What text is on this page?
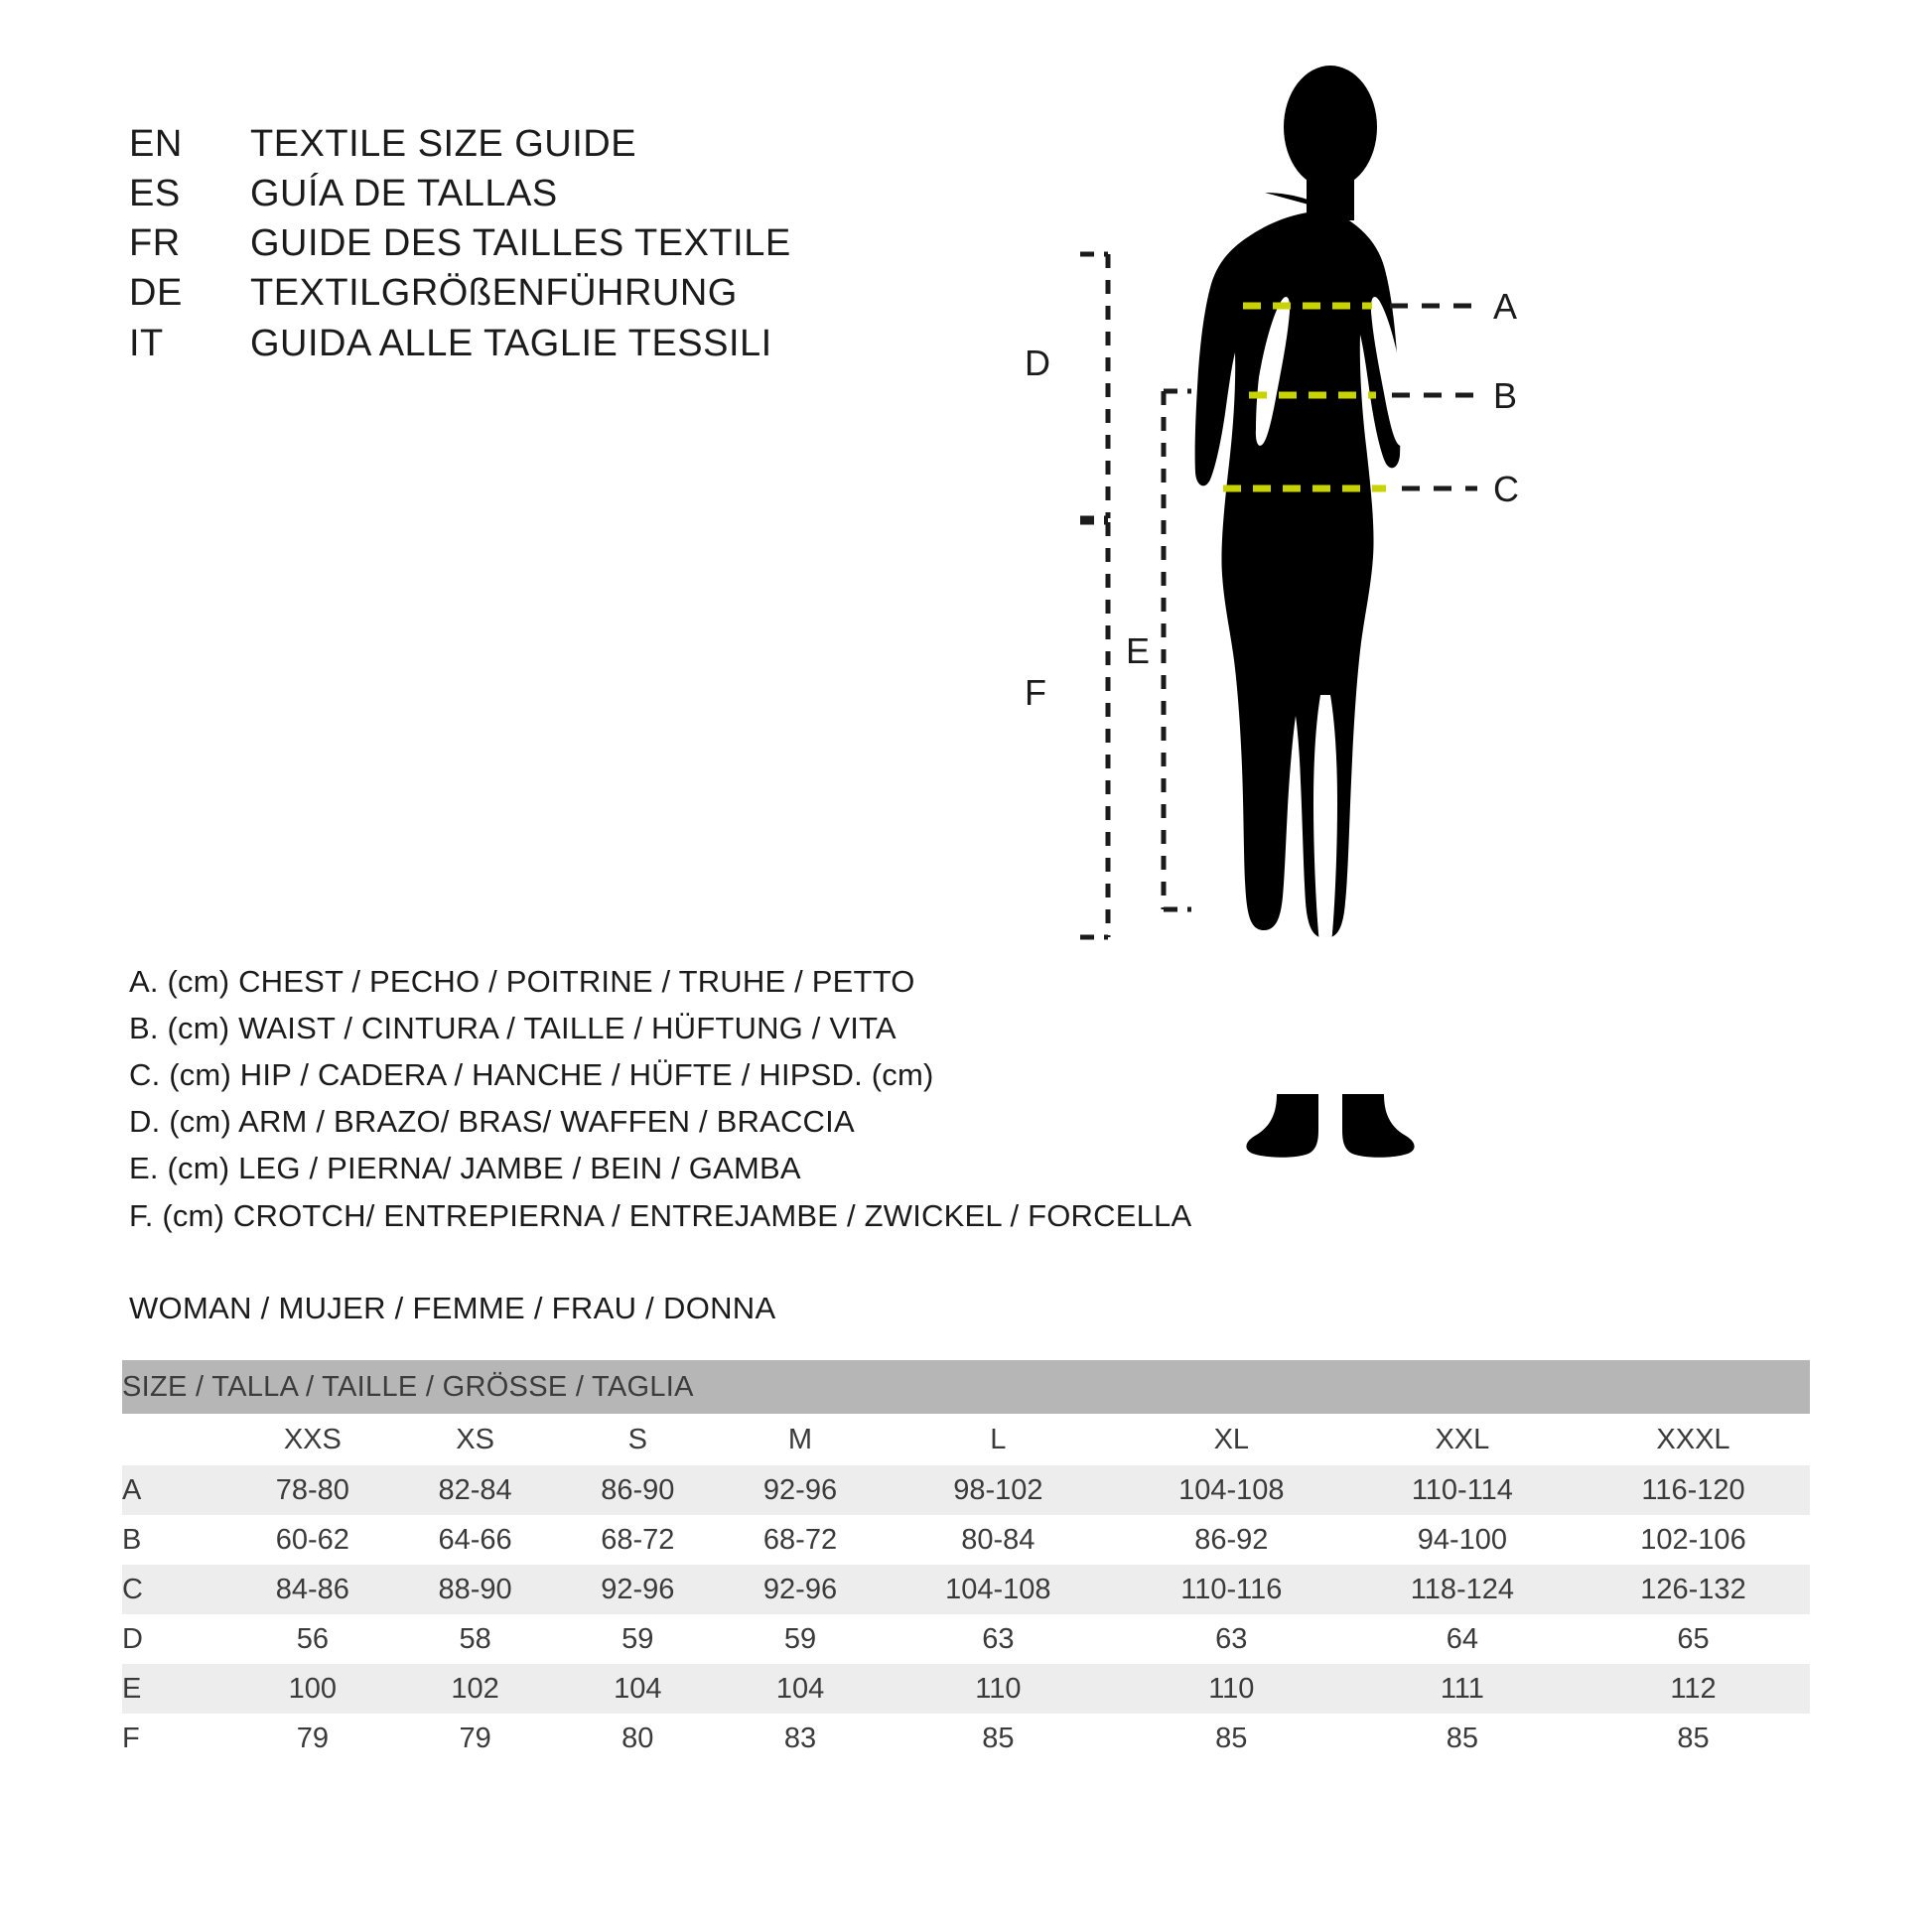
EN	TEXTILE SIZE GUIDE
ES	GUÍA DE TALLAS
FR	GUIDE DES TAILLES TEXTILE
DE	TEXTILGRÖßENFÜHRUNG
IT	GUIDA ALLE TAGLIE TESSILI
A. (cm) CHEST / PECHO / POITRINE / TRUHE / PETTO
B. (cm) WAIST / CINTURA / TAILLE / HÜFTUNG / VITA
C. (cm) HIP / CADERA / HANCHE / HÜFTE / HIPSD. (cm)
D. (cm) ARM / BRAZO/ BRAS/ WAFFEN / BRACCIA
E. (cm) LEG / PIERNA/ JAMBE / BEIN / GAMBA
F. (cm) CROTCH/ ENTREPIERNA / ENTREJAMBE / ZWICKEL / FORCELLA
WOMAN / MUJER / FEMME / FRAU / DONNA
A
B
C
D
F
E
SIZE / TALLA / TAILLE / GRÖSSE / TAGLIA								
	XXS	XS	S	M	L	XL	XXL	XXXL
A	78-80	82-84	86-90	92-96	98-102	104-108	110-114	116-120
B	60-62	64-66	68-72	68-72	80-84	86-92	94-100	102-106
C	84-86	88-90	92-96	92-96	104-108	110-116	118-124	126-132
D	56	58	59	59	63	63	64	65
E	100	102	104	104	110	110	111	112
F	79	79	80	83	85	85	85	85
